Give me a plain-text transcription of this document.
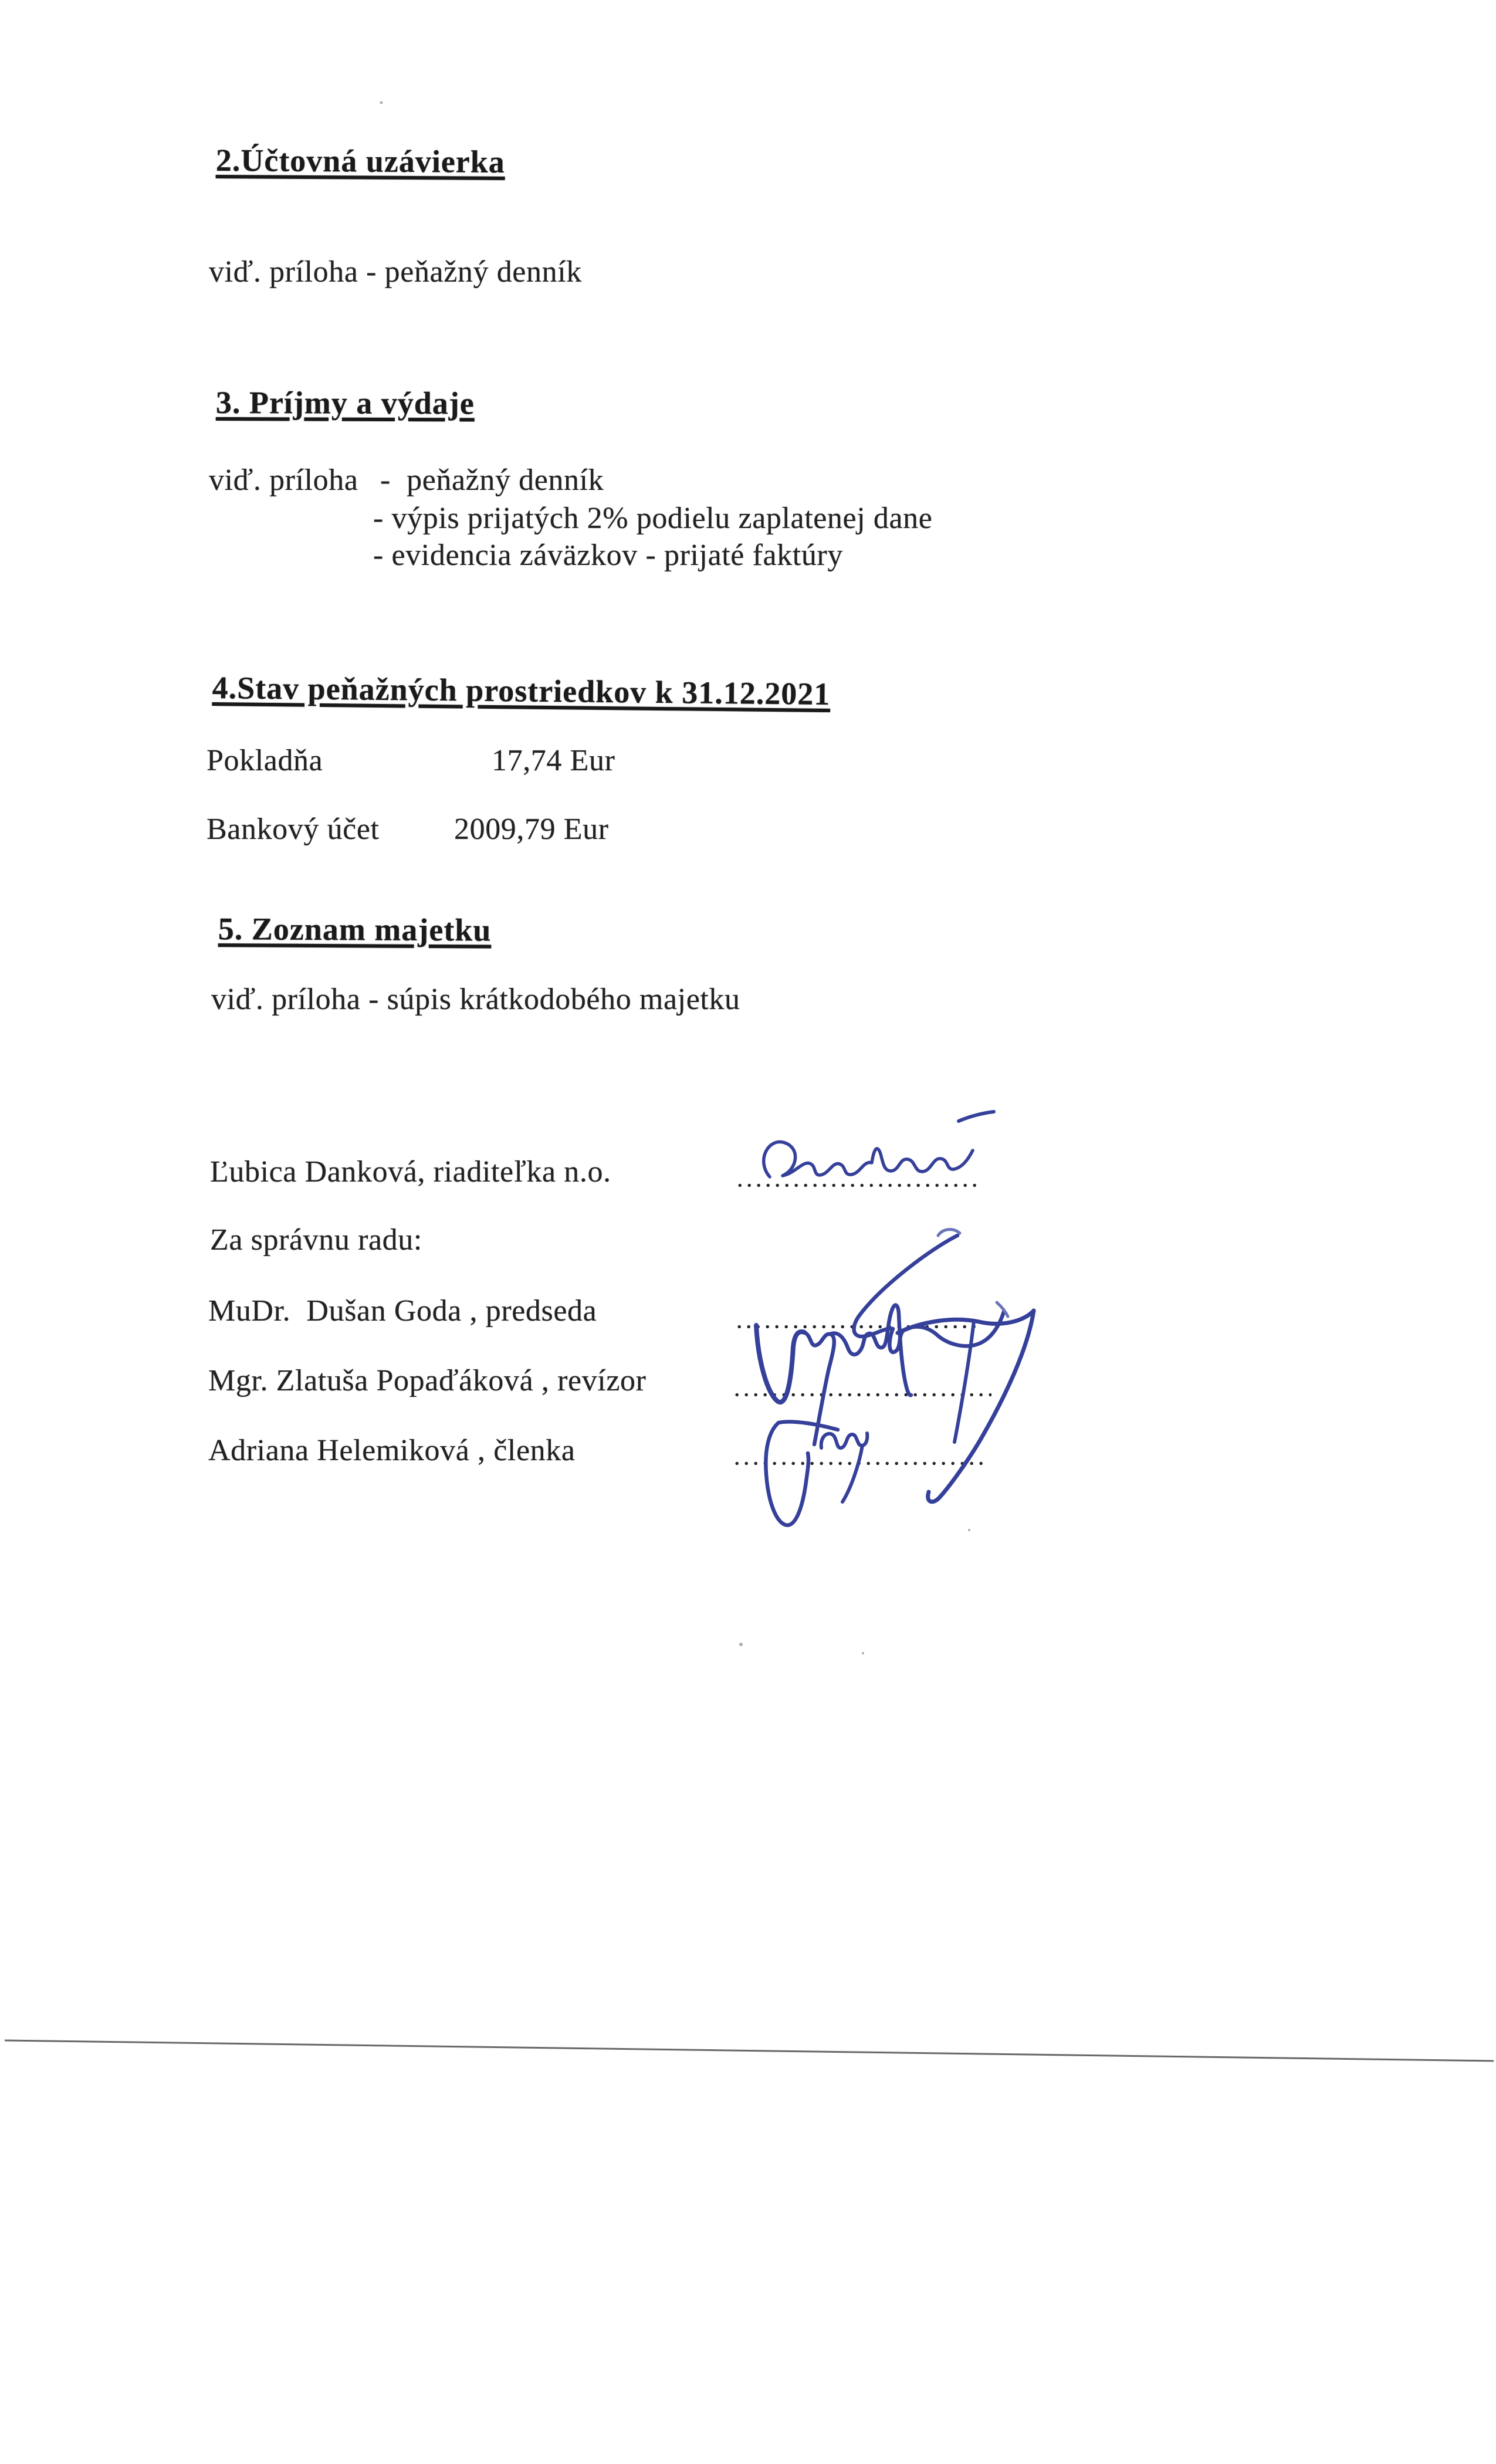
2.Účtovná uzávierka
viď. príloha - peňažný denník
3. Príjmy a výdaje
viď. príloha -  peňažný denník
- výpis prijatých 2% podielu zaplatenej dane
- evidencia záväzkov - prijaté faktúry
4.Stav peňažných prostriedkov k 31.12.2021
Pokladňa	17,74 Eur
Bankový účet 2009,79 Eur
5. Zoznam majetku
viď. príloha - súpis krátkodobého majetku
Ľubica Danková, riaditeľka n.o.
Za správnu radu:
MuDr.  Dušan Goda , predseda
Mgr. Zlatuša Popaďáková , revízor
Adriana Helemiková , členka
